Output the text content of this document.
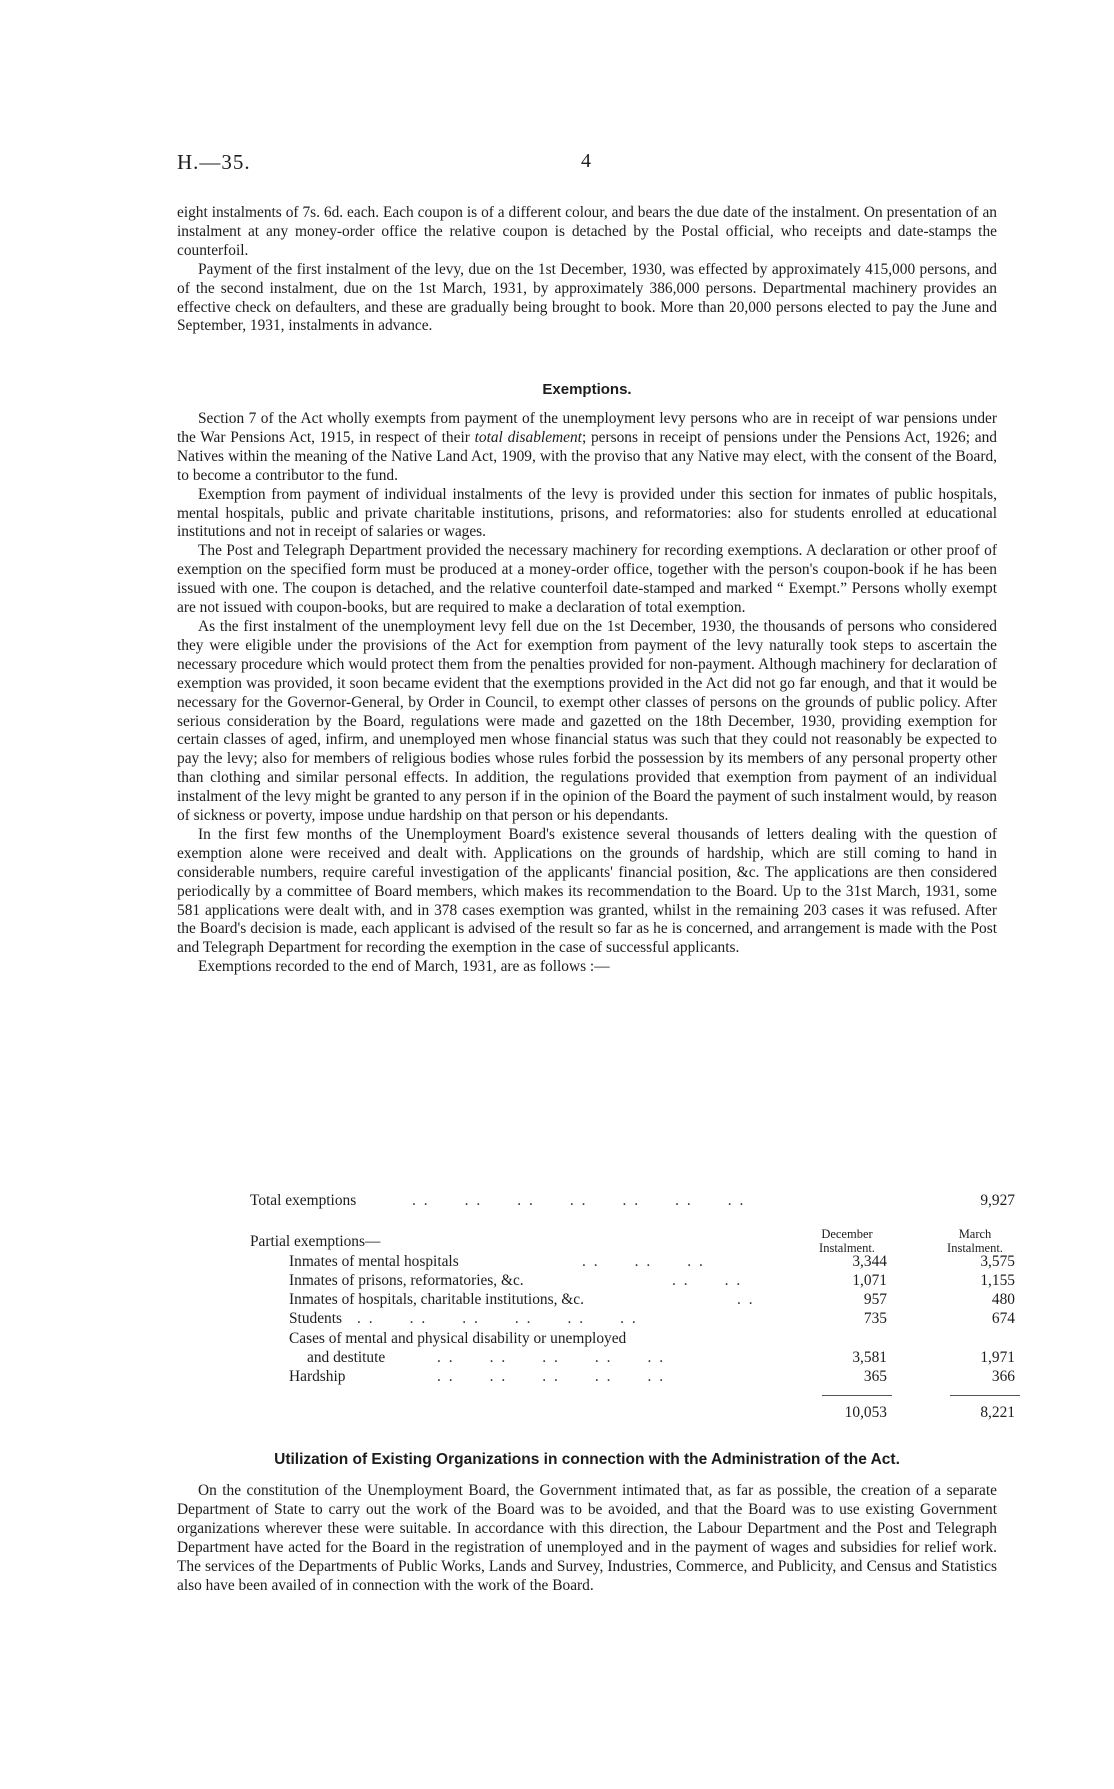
H.—35.	4

eight instalments of 7s. 6d. each. Each coupon is of a different colour, and bears the due date of the instalment. On presentation of an instalment at any money-order office the relative coupon is detached by the Postal official, who receipts and date-stamps the counterfoil.

Payment of the first instalment of the levy, due on the 1st December, 1930, was effected by approximately 415,000 persons, and of the second instalment, due on the 1st March, 1931, by approximately 386,000 persons. Departmental machinery provides an effective check on defaulters, and these are gradually being brought to book. More than 20,000 persons elected to pay the June and September, 1931, instalments in advance.

Exemptions.

Section 7 of the Act wholly exempts from payment of the unemployment levy persons who are in receipt of war pensions under the War Pensions Act, 1915, in respect of their total disablement; persons in receipt of pensions under the Pensions Act, 1926; and Natives within the meaning of the Native Land Act, 1909, with the proviso that any Native may elect, with the consent of the Board, to become a contributor to the fund.

Exemption from payment of individual instalments of the levy is provided under this section for inmates of public hospitals, mental hospitals, public and private charitable institutions, prisons, and reformatories: also for students enrolled at educational institutions and not in receipt of salaries or wages.

The Post and Telegraph Department provided the necessary machinery for recording exemptions. A declaration or other proof of exemption on the specified form must be produced at a money-order office, together with the person's coupon-book if he has been issued with one. The coupon is detached, and the relative counterfoil date-stamped and marked “ Exempt.” Persons wholly exempt are not issued with coupon-books, but are required to make a declaration of total exemption.

As the first instalment of the unemployment levy fell due on the 1st December, 1930, the thousands of persons who considered they were eligible under the provisions of the Act for exemption from payment of the levy naturally took steps to ascertain the necessary procedure which would protect them from the penalties provided for non-payment. Although machinery for declaration of exemption was provided, it soon became evident that the exemptions provided in the Act did not go far enough, and that it would be necessary for the Governor-General, by Order in Council, to exempt other classes of persons on the grounds of public policy. After serious consideration by the Board, regulations were made and gazetted on the 18th December, 1930, providing exemption for certain classes of aged, infirm, and unemployed men whose financial status was such that they could not reasonably be expected to pay the levy; also for members of religious bodies whose rules forbid the possession by its members of any personal property other than clothing and similar personal effects. In addition, the regulations provided that exemption from payment of an individual instalment of the levy might be granted to any person if in the opinion of the Board the payment of such instalment would, by reason of sickness or poverty, impose undue hardship on that person or his dependants.

In the first few months of the Unemployment Board's existence several thousands of letters dealing with the question of exemption alone were received and dealt with. Applications on the grounds of hardship, which are still coming to hand in considerable numbers, require careful investigation of the applicants' financial position, &c. The applications are then considered periodically by a committee of Board members, which makes its recommendation to the Board. Up to the 31st March, 1931, some 581 applications were dealt with, and in 378 cases exemption was granted, whilst in the remaining 203 cases it was refused. After the Board's decision is made, each applicant is advised of the result so far as he is concerned, and arrangement is made with the Post and Telegraph Department for recording the exemption in the case of successful applicants.

Exemptions recorded to the end of March, 1931, are as follows :—

Total exemptions	. .      . .      . .      . .      . .      . .      . .	9,927
December
Instalment.
March
Instalment.
Partial exemptions—
Inmates of mental hospitals	. .      . .      . .	3,344	3,575
Inmates of prisons, reformatories, &c.	. .      . .	1,071	1,155
Inmates of hospitals, charitable institutions, &c.	. .	957	480
Students . .      . .      . .      . .      . .      . .	735	674
Cases of mental and physical disability or unemployed
and destitute	. .      . .      . .      . .      . .	3,581	1,971
Hardship	. .      . .      . .      . .      . .	365	366
10,053	8,221
Utilization of Existing Organizations in connection with the Administration of the Act.

On the constitution of the Unemployment Board, the Government intimated that, as far as possible, the creation of a separate Department of State to carry out the work of the Board was to be avoided, and that the Board was to use existing Government organizations wherever these were suitable. In accordance with this direction, the Labour Department and the Post and Telegraph Department have acted for the Board in the registration of unemployed and in the payment of wages and subsidies for relief work. The services of the Departments of Public Works, Lands and Survey, Industries, Commerce, and Publicity, and Census and Statistics also have been availed of in connection with the work of the Board.
